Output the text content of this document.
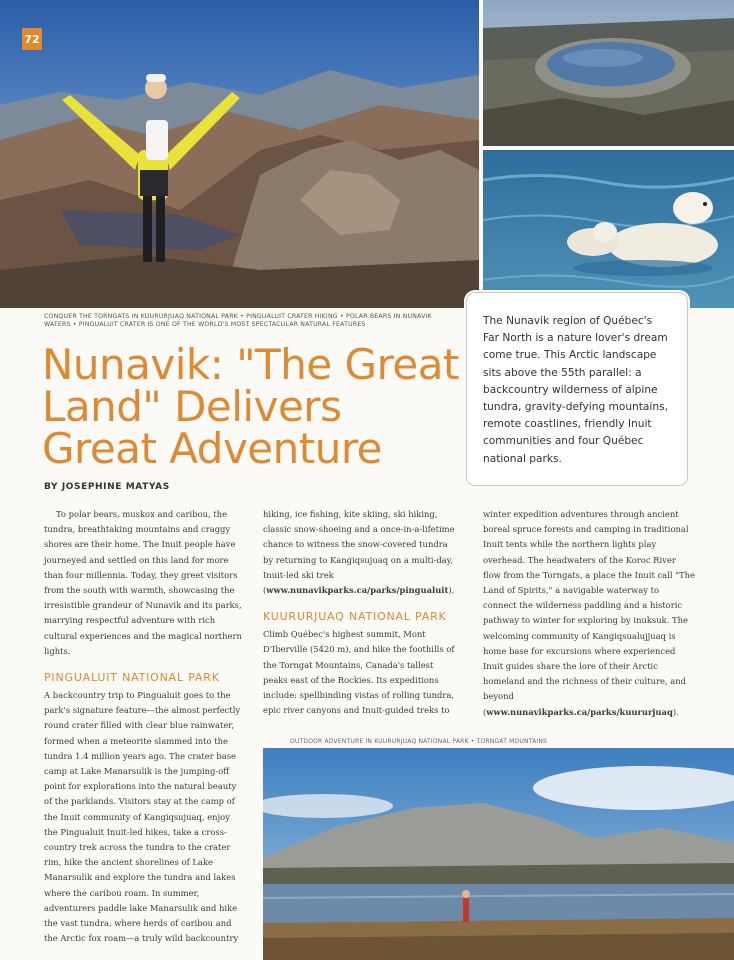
72
CONQUER THE TORNGATS IN KUURURJUAQ NATIONAL PARK • PINGUALUIT CRATER HIKING • POLAR BEARS IN NUNAVIK WATERS • PINGUALUIT CRATER IS ONE OF THE WORLD'S MOST SPECTACULAR NATURAL FEATURES
Nunavik: "The Great Land" Delivers Great Adventure
BY JOSEPHINE MATYAS

The Nunavik region of Québec's Far North is a nature lover's dream come true. This Arctic landscape sits above the 55th parallel: a backcountry wilderness of alpine tundra, gravity-defying mountains, remote coastlines, friendly Inuit communities and four Québec national parks.

To polar bears, muskox and caribou, the tundra, breathtaking mountains and craggy shores are their home. The Inuit people have journeyed and settled on this land for more than four millennia. Today, they greet visitors from the south with warmth, showcasing the irresistible grandeur of Nunavik and its parks, marrying respectful adventure with rich cultural experiences and the magical northern lights.

PINGUALUIT NATIONAL PARK

A backcountry trip to Pingualuit goes to the park's signature feature—the almost perfectly round crater filled with clear blue rainwater, formed when a meteorite slammed into the tundra 1.4 million years ago. The crater base camp at Lake Manarsulik is the jumping-off point for explorations into the natural beauty of the parklands. Visitors stay at the camp of the Inuit community of Kangiqsujuaq, enjoy the Pingualuit Inuit-led hikes, take a cross-country trek across the tundra to the crater rim, hike the ancient shorelines of Lake Manarsulik and explore the tundra and lakes where the caribou roam. In summer, adventurers paddle lake Manarsulik and hike the vast tundra, where herds of caribou and the Arctic fox roam—a truly wild backcountry

hiking, ice fishing, kite skiing, ski hiking, classic snow-shoeing and a once-in-a-lifetime chance to witness the snow-covered tundra by returning to Kangiqsujuaq on a multi-day, Inuit-led ski trek (www.nunavikparks.ca/parks/pingualuit).

KUURURJUAQ NATIONAL PARK

Climb Québec's highest summit, Mont D'Iberville (5420 m), and hike the foothills of the Torngat Mountains, Canada's tallest peaks east of the Rockies. Its expeditions include: spellbinding vistas of rolling tundra, epic river canyons and Inuit-guided treks to

winter expedition adventures through ancient boreal spruce forests and camping in traditional Inuit tents while the northern lights play overhead. The headwaters of the Koroc River flow from the Torngats, a place the Inuit call "The Land of Spirits," a navigable waterway to connect the wilderness paddling and a historic pathway to winter for exploring by inuksuk. The welcoming community of Kangiqsualujjuaq is home base for excursions where experienced Inuit guides share the lore of their Arctic homeland and the richness of their culture, and beyond (www.nunavikparks.ca/parks/kuururjuaq).

OUTDOOR ADVENTURE IN KUURURJUAQ NATIONAL PARK • TORNGAT MOUNTAINS
